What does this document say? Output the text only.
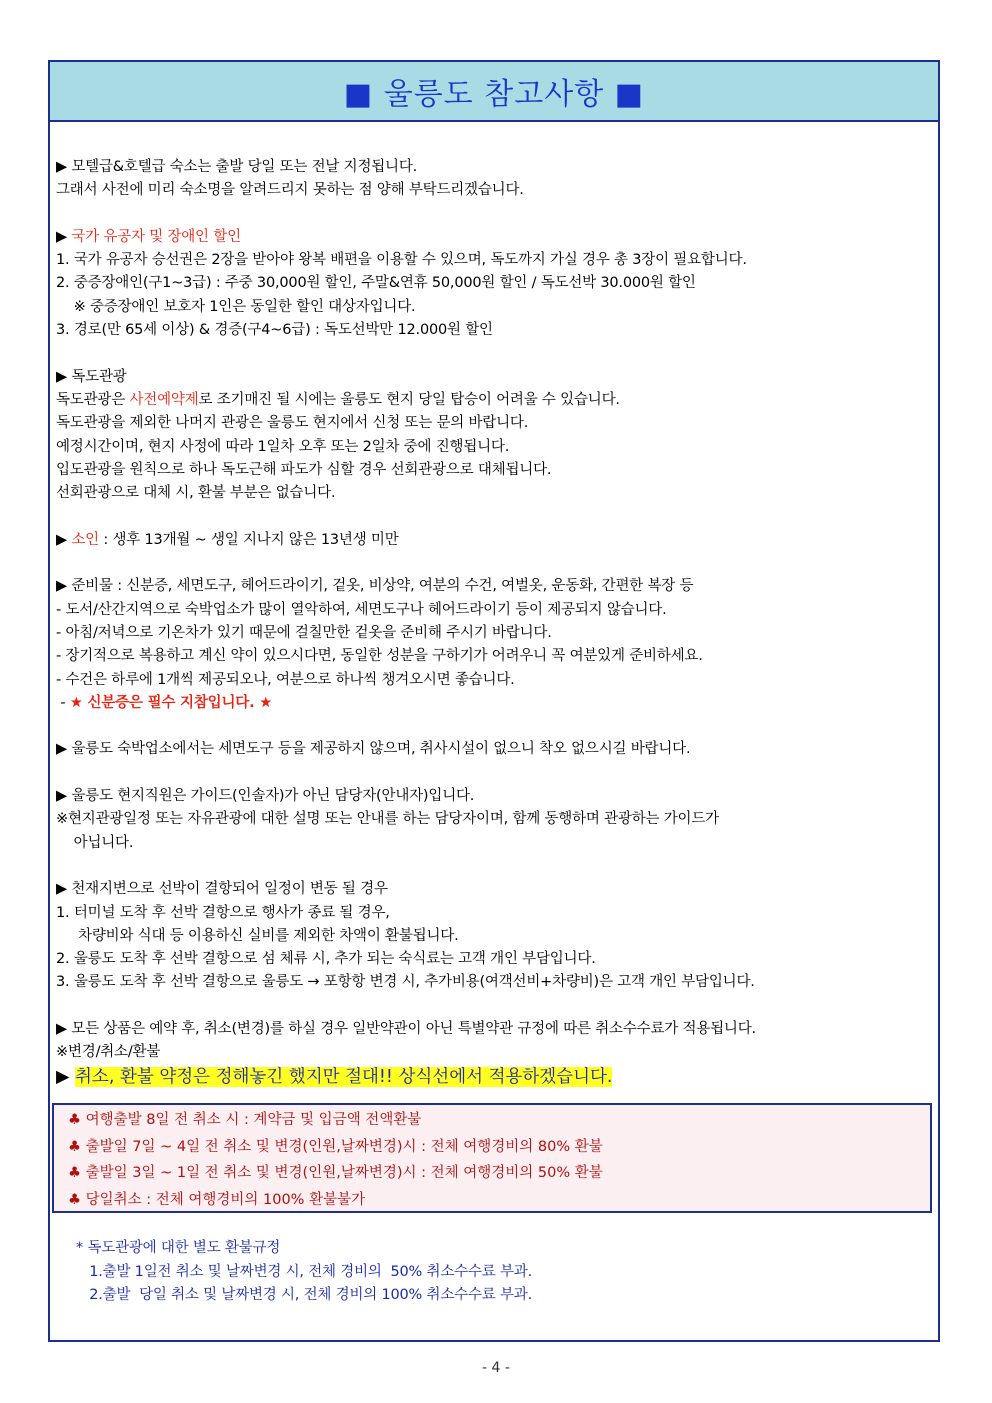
■ 울릉도 참고사항 ■
▶ 모텔급&호텔급 숙소는 출발 당일 또는 전날 지정됩니다.
그래서 사전에 미리 숙소명을 알려드리지 못하는 점 양해 부탁드리겠습니다.
▶ 국가 유공자 및 장애인 할인
1. 국가 유공자 승선권은 2장을 받아야 왕복 배편을 이용할 수 있으며, 독도까지 가실 경우 총 3장이 필요합니다.
2. 중증장애인(구1~3급) : 주중 30,000원 할인, 주말&연휴 50,000원 할인 / 독도선박 30.000원 할인
※ 중증장애인 보호자 1인은 동일한 할인 대상자입니다.
3. 경로(만 65세 이상) & 경증(구4~6급) : 독도선박만 12.000원 할인
▶ 독도관광
독도관광은 사전예약제로 조기매진 될 시에는 울릉도 현지 당일 탑승이 어려울 수 있습니다.
독도관광을 제외한 나머지 관광은 울릉도 현지에서 신청 또는 문의 바랍니다.
예정시간이며, 현지 사정에 따라 1일차 오후 또는 2일차 중에 진행됩니다.
입도관광을 원칙으로 하나 독도근해 파도가 심할 경우 선회관광으로 대체됩니다.
선회관광으로 대체 시, 환불 부분은 없습니다.
▶ 소인 : 생후 13개월 ~ 생일 지나지 않은 13년생 미만
▶ 준비물 : 신분증, 세면도구, 헤어드라이기, 겉옷, 비상약, 여분의 수건, 여벌옷, 운동화, 간편한 복장 등
- 도서/산간지역으로 숙박업소가 많이 열악하여, 세면도구나 헤어드라이기 등이 제공되지 않습니다.
- 아침/저녁으로 기온차가 있기 때문에 걸칠만한 겉옷을 준비해 주시기 바랍니다.
- 장기적으로 복용하고 계신 약이 있으시다면, 동일한 성분을 구하기가 어려우니 꼭 여분있게 준비하세요.
- 수건은 하루에 1개씩 제공되오나, 여분으로 하나씩 챙겨오시면 좋습니다.
- ★ 신분증은 필수 지참입니다. ★
▶ 울릉도 숙박업소에서는 세면도구 등을 제공하지 않으며, 취사시설이 없으니 착오 없으시길 바랍니다.
▶ 울릉도 현지직원은 가이드(인솔자)가 아닌 담당자(안내자)입니다.
※현지관광일정 또는 자유관광에 대한 설명 또는 안내를 하는 담당자이며, 함께 동행하며 관광하는 가이드가
아닙니다.
▶ 천재지변으로 선박이 결항되어 일정이 변동 될 경우
1. 터미널 도착 후 선박 결항으로 행사가 종료 될 경우,
차량비와 식대 등 이용하신 실비를 제외한 차액이 환불됩니다.
2. 울릉도 도착 후 선박 결항으로 섬 체류 시, 추가 되는 숙식료는 고객 개인 부담입니다.
3. 울릉도 도착 후 선박 결항으로 울릉도 → 포항항 변경 시, 추가비용(여객선비+차량비)은 고객 개인 부담입니다.
▶ 모든 상품은 예약 후, 취소(변경)를 하실 경우 일반약관이 아닌 특별약관 규정에 따른 취소수수료가 적용됩니다.
※변경/취소/환불
▶ 취소, 환불 약정은 정해놓긴 했지만 절대!! 상식선에서 적용하겠습니다.
♣ 여행출발 8일 전 취소 시 : 계약금 및 입금액 전액환불
♣ 출발일 7일 ~ 4일 전 취소 및 변경(인원,날짜변경)시 : 전체 여행경비의 80% 환불
♣ 출발일 3일 ~ 1일 전 취소 및 변경(인원,날짜변경)시 : 전체 여행경비의 50% 환불
♣ 당일취소 : 전체 여행경비의 100% 환불불가
* 독도관광에 대한 별도 환불규정
1.출발 1일전 취소 및 날짜변경 시, 전체 경비의  50% 취소수수료 부과.
2.출발  당일 취소 및 날짜변경 시, 전체 경비의 100% 취소수수료 부과.
- 4 -
